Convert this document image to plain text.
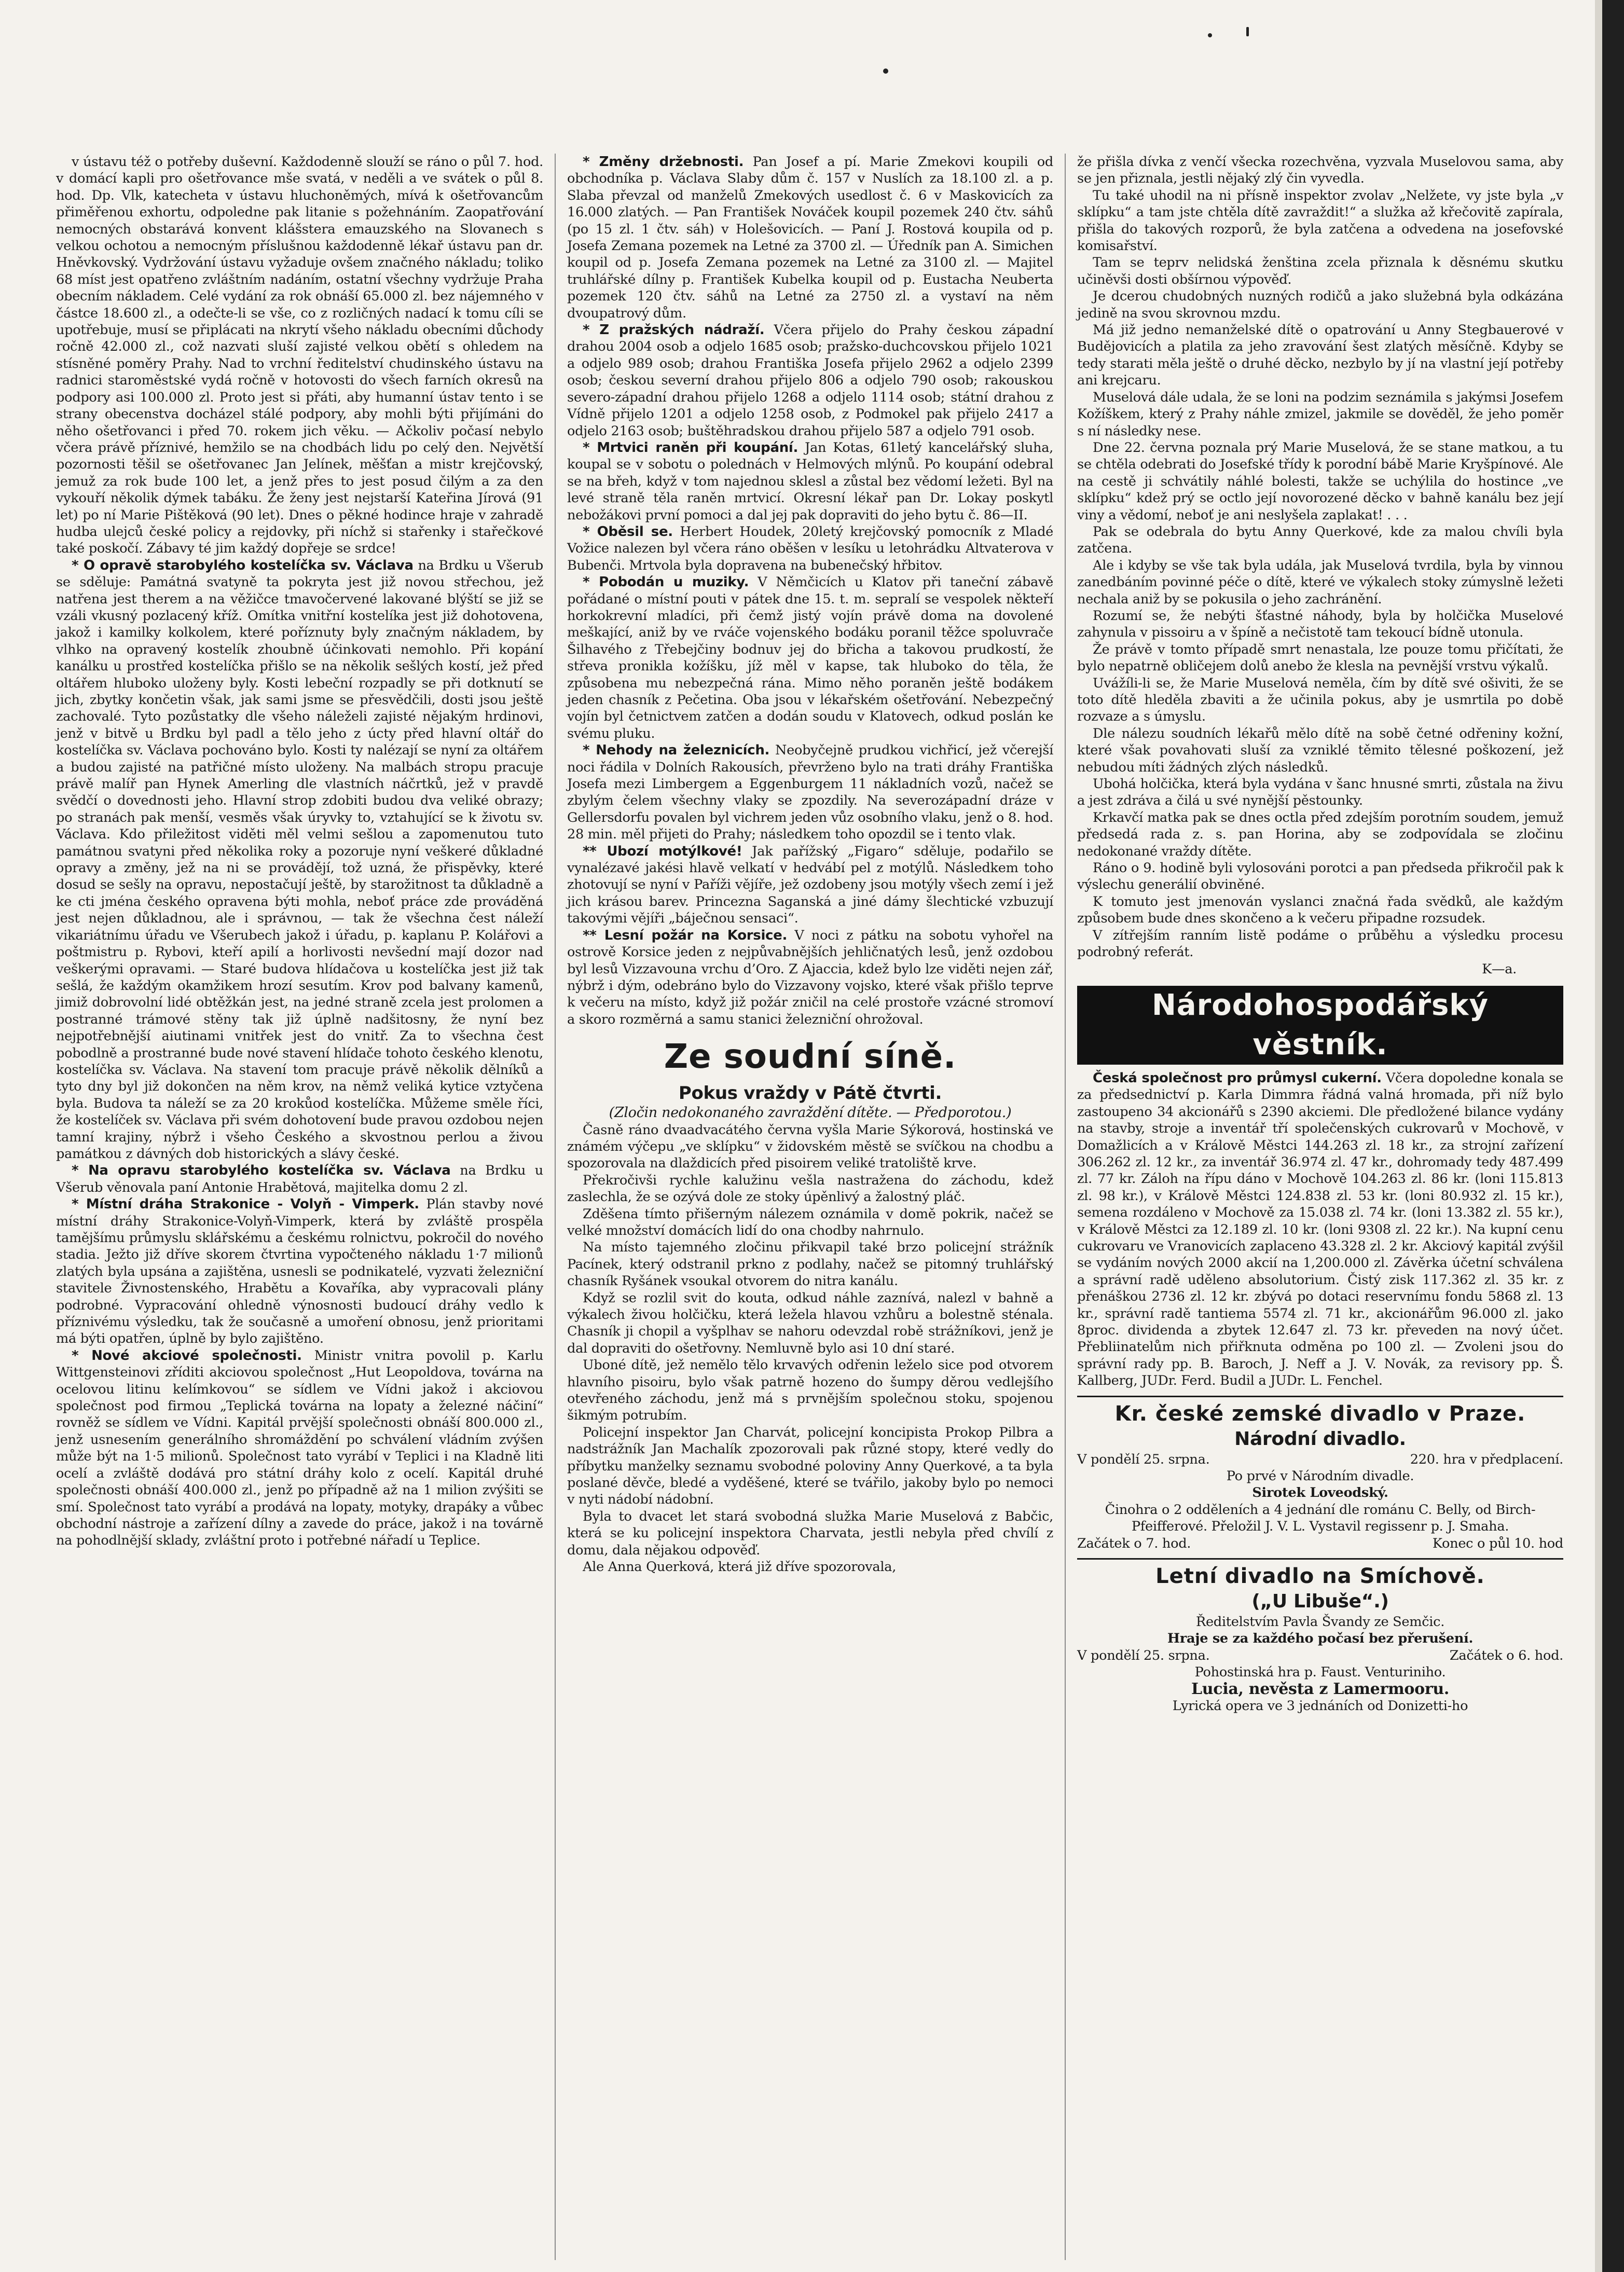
v ústavu též o potřeby duševní. Každodenně slouží se ráno o půl 7. hod. v domácí kapli pro ošetřovance mše svatá, v neděli a ve svátek o půl 8. hod. Dp. Vlk, katecheta v ústavu hluchoněmých, mívá k ošetřovancům přiměřenou exhortu, odpoledne pak litanie s požehnáním. Zaopatřování nemocných obstarává konvent klášstera emauzského na Slovanech s velkou ochotou a nemocným příslušnou každodenně lékař ústavu pan dr. Hněvkovský. Vydržování ústavu vyžaduje ovšem značného nákladu; toliko 68 míst jest opatřeno zvláštním nadáním, ostatní všechny vydržuje Praha obecním nákladem. Celé vydání za rok obnáší 65.000 zl. bez nájemného v částce 18.600 zl., a odečte-li se vše, co z rozličných nadací k tomu cíli se upotřebuje, musí se připlácati na nkrytí všeho nákladu obecními důchody ročně 42.000 zl., což nazvati sluší zajisté velkou obětí s ohledem na stísněné poměry Prahy. Nad to vrchní ředitelství chudinského ústavu na radnici staroměstské vydá ročně v hotovosti do všech farních okresů na podpory asi 100.000 zl. Proto jest si přáti, aby humanní ústav tento i se strany obecenstva docházel stálé podpory, aby mohli býti přijímáni do něho ošetřovanci i před 70. rokem jich věku. — Ačkoliv počasí nebylo včera právě příznivé, hemžilo se na chodbách lidu po celý den. Největší pozornosti těšil se ošetřovanec Jan Jelínek, měšťan a mistr krejčovský, jemuž za rok bude 100 let, a jenž přes to jest posud čilým a za den vykouří několik dýmek tabáku. Že ženy jest nejstarší Kateřina Jírová (91 let) po ní Marie Pištěková (90 let). Dnes o pěkné hodince hraje v zahradě hudba ulejců české policy a rejdovky, při níchž si stařenky i stařečkové také poskočí. Zábavy té jim každý dopřeje se srdce!

* O opravě starobylého kostelíčka sv. Václava na Brdku u Všerub se sděluje: Památná svatyně ta pokryta jest již novou střechou, jež natřena jest therem a na věžičce tmavočervené lakované blýští se již se vzáli vkusný pozlacený kříž. Omítka vnitřní kostelíka jest již dohotovena, jakož i kamilky kolkolem, které poříznuty byly značným nákladem, by vlhko na opravený kostelík zhoubně účinkovati nemohlo. Při kopání kanálku u prostřed kostelíčka přišlo se na několik sešlých kostí, jež před oltářem hluboko uloženy byly. Kosti lebeční rozpadly se při dotknutí se jich, zbytky končetin však, jak sami jsme se přesvědčili, dosti jsou ještě zachovalé. Tyto pozůstatky dle všeho náleželi zajisté nějakým hrdinovi, jenž v bitvě u Brdku byl padl a tělo jeho z úcty před hlavní oltář do kostelíčka sv. Václava pochováno bylo. Kosti ty nalézají se nyní za oltářem a budou zajisté na patřičné místo uloženy. Na malbách stropu pracuje právě malíř pan Hynek Amerling dle vlastních náčrtků, jež v pravdě svědčí o dovednosti jeho. Hlavní strop zdobiti budou dva veliké obrazy; po stranách pak menší, vesměs však úryvky to, vztahující se k životu sv. Václava. Kdo přiležitost viděti měl velmi sešlou a zapomenutou tuto památnou svatyni před několika roky a pozoruje nyní veškeré důkladné opravy a změny, jež na ni se provádějí, tož uzná, že přispěvky, které dosud se sešly na opravu, nepostačují ještě, by starožitnost ta důkladně a ke cti jména českého opravena býti mohla, neboť práce zde prováděná jest nejen důkladnou, ale i správnou, — tak že všechna čest náleží vikariátnímu úřadu ve Všerubech jakož i úřadu, p. kaplanu P. Kolářovi a poštmistru p. Rybovi, kteří apilí a horlivosti nevšední mají dozor nad veškerými opravami. — Staré budova hlídačova u kostelíčka jest již tak sešlá, že každým okamžikem hrozí sesutím. Krov pod balvany kamenů, jimiž dobrovolní lidé obtěžkán jest, na jedné straně zcela jest prolomen a postranné trámové stěny tak již úplně nadšitosny, že nyní bez nejpotřebnější aiutinami vnitřek jest do vnitř. Za to všechna čest pobodlně a prostranné bude nové stavení hlídače tohoto českého klenotu, kostelíčka sv. Václava. Na stavení tom pracuje právě několik dělníků a tyto dny byl již dokončen na něm krov, na němž veliká kytice vztyčena byla. Budova ta náleží se za 20 krokůod kostelíčka. Můžeme směle říci, že kostelíček sv. Václava při svém dohotovení bude pravou ozdobou nejen tamní krajiny, nýbrž i všeho Českého a skvostnou perlou a živou památkou z dávných dob historických a slávy české.

* Na opravu starobylého kostelíčka sv. Václava na Brdku u Všerub věnovala paní Antonie Hrabětová, majitelka domu 2 zl.

* Místní dráha Strakonice - Volyň - Vimperk. Plán stavby nové místní dráhy Strakonice-Volyň-Vimperk, která by zvláště prospěla tamějšímu průmyslu sklářskému a českému rolnictvu, pokročil do nového stadia. Ježto již dříve skorem čtvrtina vypočteného nákladu 1·7 milionů zlatých byla upsána a zajištěna, usnesli se podnikatelé, vyzvati železniční stavitele Živnostenského, Hrabětu a Kovaříka, aby vypracovali plány podrobné. Vypracování ohledně výnosnosti budoucí dráhy vedlo k příznivému výsledku, tak že současně a umoření obnosu, jenž prioritami má býti opatřen, úplně by bylo zajištěno.

* Nové akciové společnosti. Ministr vnitra povolil p. Karlu Wittgensteinovi zříditi akciovou společnost „Hut Leopoldova, továrna na ocelovou litinu kelímkovou“ se sídlem ve Vídni jakož i akciovou společnost pod firmou „Teplická továrna na lopaty a železné náčiní“ rovněž se sídlem ve Vídni. Kapitál prvější společnosti obnáší 800.000 zl., jenž usnesením generálního shromáždění po schválení vládním zvýšen může být na 1·5 milionů. Společnost tato vyrábí v Teplici i na Kladně liti ocelí a zvláště dodává pro státní dráhy kolo z ocelí. Kapitál druhé společnosti obnáší 400.000 zl., jenž po případně až na 1 milion zvýšiti se smí. Společnost tato vyrábí a prodává na lopaty, motyky, drapáky a vůbec obchodní nástroje a zařízení dílny a zavede do práce, jakož i na továrně na pohodlnější sklady, zvláštní proto i potřebné nářadí u Teplice.

* Změny držebnosti. Pan Josef a pí. Marie Zmekovi koupili od obchodníka p. Václava Slaby dům č. 157 v Nuslích za 18.100 zl. a p. Slaba převzal od manželů Zmekových usedlost č. 6 v Maskovicích za 16.000 zlatých. — Pan František Nováček koupil pozemek 240 čtv. sáhů (po 15 zl. 1 čtv. sáh) v Holešovicích. — Paní J. Rostová koupila od p. Josefa Zemana pozemek na Letné za 3700 zl. — Úředník pan A. Simichen koupil od p. Josefa Zemana pozemek na Letné za 3100 zl. — Majitel truhlářské dílny p. František Kubelka koupil od p. Eustacha Neuberta pozemek 120 čtv. sáhů na Letné za 2750 zl. a vystaví na něm dvoupatrový dům.

* Z pražských nádraží. Včera přijelo do Prahy českou západní drahou 2004 osob a odjelo 1685 osob; pražsko-duchcovskou přijelo 1021 a odjelo 989 osob; drahou Františka Josefa přijelo 2962 a odjelo 2399 osob; českou severní drahou přijelo 806 a odjelo 790 osob; rakouskou severo-západní drahou přijelo 1268 a odjelo 1114 osob; státní drahou z Vídně přijelo 1201 a odjelo 1258 osob, z Podmokel pak přijelo 2417 a odjelo 2163 osob; buštěhradskou drahou přijelo 587 a odjelo 791 osob.

* Mrtvici raněn při koupání. Jan Kotas, 61letý kancelářský sluha, koupal se v sobotu o polednách v Helmových mlýnů. Po koupání odebral se na břeh, když v tom najednou sklesl a zůstal bez vědomí ležeti. Byl na levé straně těla raněn mrtvicí. Okresní lékař pan Dr. Lokay poskytl nebožákovi první pomoci a dal jej pak dopraviti do jeho bytu č. 86—II.

* Oběsil se. Herbert Houdek, 20letý krejčovský pomocník z Mladé Vožice nalezen byl včera ráno oběšen v lesíku u letohrádku Altvaterova v Bubenči. Mrtvola byla dopravena na bubenečský hřbitov.

* Pobodán u muziky. V Němčicích u Klatov při taneční zábavě pořádané o místní pouti v pátek dne 15. t. m. sepralí se vespolek někteří horkokrevní mladíci, při čemž jistý vojín právě doma na dovolené meškající, aniž by ve rváče vojenského bodáku poranil těžce spoluvrače Šilhavého z Třebejčiny bodnuv jej do břicha a takovou prudkostí, že střeva pronikla kožíšku, jíž měl v kapse, tak hluboko do těla, že způsobena mu nebezpečná rána. Mimo něho poraněn ještě bodákem jeden chasník z Pečetina. Oba jsou v lékařském ošetřování. Nebezpečný vojín byl četnictvem zatčen a dodán soudu v Klatovech, odkud poslán ke svému pluku.

* Nehody na železnicích. Neobyčejně prudkou vichřicí, jež včerejší noci řádila v Dolních Rakousích, převrženo bylo na trati dráhy Františka Josefa mezi Limbergem a Eggenburgem 11 nákladních vozů, načež se zbylým čelem všechny vlaky se zpozdily. Na severozápadní dráze v Gellersdorfu povalen byl vichrem jeden vůz osobního vlaku, jenž o 8. hod. 28 min. měl přijeti do Prahy; následkem toho opozdil se i tento vlak.

** Ubozí motýlkové! Jak pařížský „Figaro“ sděluje, podařilo se vynalézavé jakési hlavě velkatí v hedvábí pel z motýlů. Následkem toho zhotovují se nyní v Paříži vějíře, jež ozdobeny jsou motýly všech zemí i jež jich krásou barev. Princezna Saganská a jiné dámy šlechtické vzbuzují takovými vějíři „báječnou sensaci“.

** Lesní požár na Korsice. V noci z pátku na sobotu vyhořel na ostrově Korsice jeden z nejpůvabnějších jehličnatých lesů, jenž ozdobou byl lesů Vizzavouna vrchu d’Oro. Z Ajaccia, kdež bylo lze viděti nejen zář, nýbrž i dým, odebráno bylo do Vizzavony vojsko, které však přišlo teprve k večeru na místo, když již požár zničil na celé prostoře vzácné stromoví a skoro rozměrná a samu stanici železniční ohrožoval.

Ze soudní síně.

Pokus vraždy v Pátě čtvrti.

(Zločin nedokonaného zavraždění dítěte. — Předporotou.)

Časně ráno dvaadvacátého června vyšla Marie Sýkorová, hostinská ve známém výčepu „ve sklípku“ v židovském městě se svíčkou na chodbu a spozorovala na dlaždicích před pisoirem veliké tratoliště krve.

Překročivši rychle kalužinu vešla nastražena do záchodu, kdež zaslechla, že se ozývá dole ze stoky úpěnlivý a žalostný pláč.

Zděšena tímto přišerným nálezem oznámila v domě pokrik, načež se velké množství domácích lidí do ona chodby nahrnulo.

Na místo tajemného zločinu přikvapil také brzo policejní strážník Pacínek, který odstranil prkno z podlahy, načež se pitomný truhlářský chasník Ryšánek vsoukal otvorem do nitra kanálu.

Když se rozlil svit do kouta, odkud náhle zaznívá, nalezl v bahně a výkalech živou holčičku, která ležela hlavou vzhůru a bolestně sténala. Chasník ji chopil a vyšplhav se nahoru odevzdal robě strážníkovi, jenž je dal dopraviti do ošetřovny. Nemluvně bylo asi 10 dní staré.

Uboné dítě, jež nemělo tělo krvavých odřenin leželo sice pod otvorem hlavního pisoiru, bylo však patrně hozeno do šumpy děrou vedlejšího otevřeného záchodu, jenž má s prvnějším společnou stoku, spojenou šikmým potrubím.

Policejní inspektor Jan Charvát, policejní koncipista Prokop Pilbra a nadstrážník Jan Machalík zpozorovali pak různé stopy, které vedly do příbytku manželky seznamu svobodné poloviny Anny Querkové, a ta byla poslané děvče, bledé a vyděšené, které se tvářilo, jakoby bylo po nemoci v nyti nádobí nádobní.

Byla to dvacet let stará svobodná služka Marie Muselová z Babčic, která se ku policejní inspektora Charvata, jestli nebyla před chvílí z domu, dala nějakou odpověď.

Ale Anna Querková, která již dříve spozorovala,

že přišla dívka z venčí všecka rozechvěna, vyzvala Muselovou sama, aby se jen přiznala, jestli nějaký zlý čin vyvedla.

Tu také uhodil na ni přísně inspektor zvolav „Nelžete, vy jste byla „v sklípku“ a tam jste chtěla dítě zavraždit!“ a služka až křečovitě zapírala, přišla do takových rozporů, že byla zatčena a odvedena na josefovské komisařství.

Tam se teprv nelidská ženština zcela přiznala k děsnému skutku učiněvši dosti obšírnou výpověď.

Je dcerou chudobných nuzných rodičů a jako služebná byla odkázána jedině na svou skrovnou mzdu.

Má již jedno nemanželské dítě o opatrování u Anny Stegbauerové v Budějovicích a platila za jeho zravování šest zlatých měsíčně. Kdyby se tedy starati měla ještě o druhé děcko, nezbylo by jí na vlastní její potřeby ani krejcaru.

Muselová dále udala, že se loni na podzim seznámila s jakýmsi Josefem Kožíškem, který z Prahy náhle zmizel, jakmile se dověděl, že jeho poměr s ní následky nese.

Dne 22. června poznala prý Marie Muselová, že se stane matkou, a tu se chtěla odebrati do Josefské třídy k porodní bábě Marie Kryšpínové. Ale na cestě ji schvátily náhlé bolesti, takže se uchýlila do hostince „ve sklípku“ kdež prý se octlo její novorozené děcko v bahně kanálu bez její viny a vědomí, neboť je ani neslyšela zaplakat! . . .

Pak se odebrala do bytu Anny Querkové, kde za malou chvíli byla zatčena.

Ale i kdyby se vše tak byla udála, jak Muselová tvrdila, byla by vinnou zanedbáním povinné péče o dítě, které ve výkalech stoky zúmyslně ležeti nechala aniž by se pokusila o jeho zachránění.

Rozumí se, že nebýti šťastné náhody, byla by holčička Muselové zahynula v pissoiru a v špíně a nečistotě tam tekoucí bídně utonula.

Že právě v tomto případě smrt nenastala, lze pouze tomu přičítati, že bylo nepatrně obličejem dolů anebo že klesla na pevnější vrstvu výkalů.

Uvážíli-li se, že Marie Muselová neměla, čím by dítě své ošiviti, že se toto dítě hleděla zbaviti a že učinila pokus, aby je usmrtila po době rozvaze a s úmyslu.

Dle nálezu soudních lékařů mělo dítě na sobě četné odřeniny kožní, které však povahovati sluší za vzniklé těmito tělesné poškození, jež nebudou míti žádných zlých následků.

Ubohá holčička, která byla vydána v šanc hnusné smrti, zůstala na živu a jest zdráva a čilá u své nynější pěstounky.

Krkavčí matka pak se dnes octla před zdejším porotním soudem, jemuž předsedá rada z. s. pan Horina, aby se zodpovídala se zločinu nedokonané vraždy dítěte.

Ráno o 9. hodině byli vylosováni porotci a pan předseda přikročil pak k výslechu generálií obviněné.

K tomuto jest jmenován vyslanci značná řada svědků, ale každým způsobem bude dnes skončeno a k večeru připadne rozsudek.

V zítřejším ranním listě podáme o průběhu a výsledku procesu podrobný referát.

K—a.

Národohospodářský věstník.

Česká společnost pro průmysl cukerní. Včera dopoledne konala se za předsednictví p. Karla Dimmra řádná valná hromada, při níž bylo zastoupeno 34 akcionářů s 2390 akciemi. Dle předložené bilance vydány na stavby, stroje a inventář tří společenských cukrovarů v Mochově, v Domažlicích a v Králově Městci 144.263 zl. 18 kr., za strojní zařízení 306.262 zl. 12 kr., za inventář 36.974 zl. 47 kr., dohromady tedy 487.499 zl. 77 kr. Záloh na řípu dáno v Mochově 104.263 zl. 86 kr. (loni 115.813 zl. 98 kr.), v Králově Městci 124.838 zl. 53 kr. (loni 80.932 zl. 15 kr.), semena rozdáleno v Mochově za 15.038 zl. 74 kr. (loni 13.382 zl. 55 kr.), v Králově Městci za 12.189 zl. 10 kr. (loni 9308 zl. 22 kr.). Na kupní cenu cukrovaru ve Vranovicích zaplaceno 43.328 zl. 2 kr. Akciový kapitál zvýšil se vydáním nových 2000 akcií na 1,200.000 zl. Závěrka účetní schválena a správní radě uděleno absolutorium. Čistý zisk 117.362 zl. 35 kr. z přenáškou 2736 zl. 12 kr. zbývá po dotaci reservnímu fondu 5868 zl. 13 kr., správní radě tantiema 5574 zl. 71 kr., akcionářům 96.000 zl. jako 8proc. dividenda a zbytek 12.647 zl. 73 kr. převeden na nový účet. Přebliinatelům nich přiřknuta odměna po 100 zl. — Zvoleni jsou do správní rady pp. B. Baroch, J. Neff a J. V. Novák, za revisory pp. Š. Kallberg, JUDr. Ferd. Budil a JUDr. L. Fenchel.

Kr. české zemské divadlo v Praze.
Národní divadlo.
V pondělí 25. srpna.	220. hra v předplacení.

Po prvé v Národním divadle.

Sirotek Loveodský.

Činohra o 2 odděleních a 4 jednání dle románu C. Belly, od Birch-Pfeifferové. Přeložil J. V. L. Vystavil regissenr p. J. Smaha.

Začátek o 7. hod.	Konec o půl 10. hod
Letní divadlo na Smíchově.
(„U Libuše“.)

Ředitelstvím Pavla Švandy ze Semčic.

Hraje se za každého počasí bez přerušení.

V pondělí 25. srpna.	Začátek o 6. hod.

Pohostinská hra p. Faust. Venturiniho.

Lucia, nevěsta z Lamermooru.

Lyrická opera ve 3 jednáních od Donizetti-ho
